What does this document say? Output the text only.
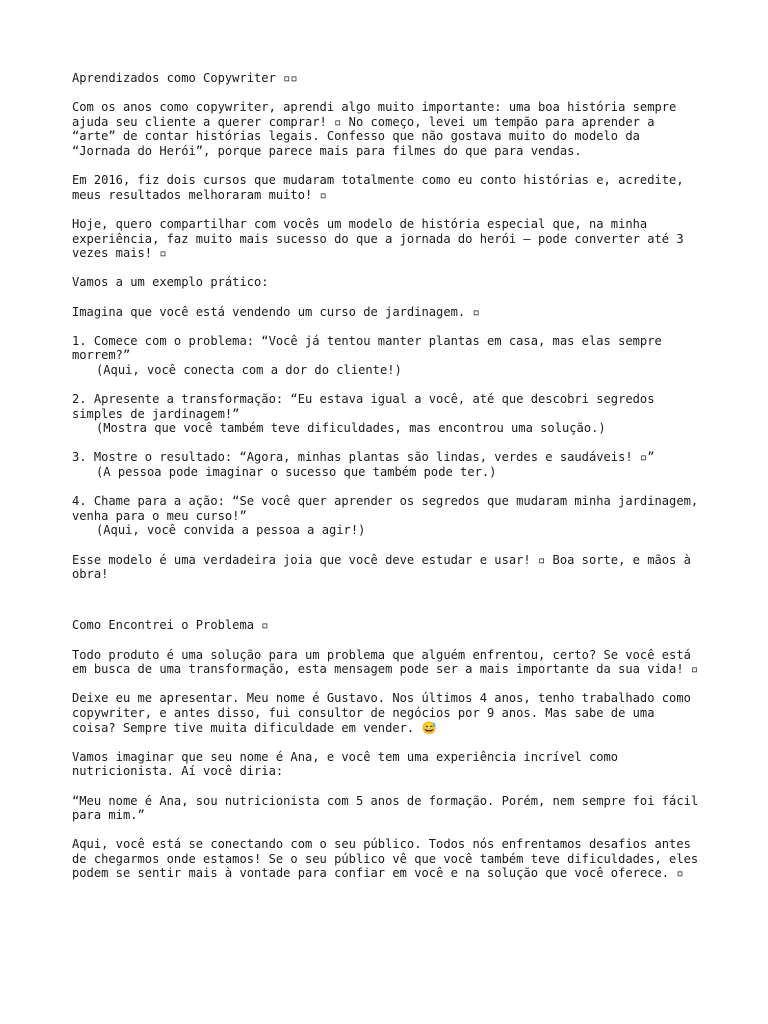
Aprendizados como Copywriter ▫▫

Com os anos como copywriter, aprendi algo muito importante: uma boa história sempre ajuda seu cliente a querer comprar! ▫ No começo, levei um tempão para aprender a “arte” de contar histórias legais. Confesso que não gostava muito do modelo da “Jornada do Herói”, porque parece mais para filmes do que para vendas.

Em 2016, fiz dois cursos que mudaram totalmente como eu conto histórias e, acredite, meus resultados melhoraram muito! ▫

Hoje, quero compartilhar com vocês um modelo de história especial que, na minha experiência, faz muito mais sucesso do que a jornada do herói – pode converter até 3 vezes mais! ▫

Vamos a um exemplo prático:

Imagina que você está vendendo um curso de jardinagem. ▫

1. Comece com o problema: “Você já tentou manter plantas em casa, mas elas sempre morrem?”
(Aqui, você conecta com a dor do cliente!)
2. Apresente a transformação: “Eu estava igual a você, até que descobri segredos simples de jardinagem!”
(Mostra que você também teve dificuldades, mas encontrou uma solução.)
3. Mostre o resultado: “Agora, minhas plantas são lindas, verdes e saudáveis! ▫”
(A pessoa pode imaginar o sucesso que também pode ter.)
4. Chame para a ação: “Se você quer aprender os segredos que mudaram minha jardinagem, venha para o meu curso!”
(Aqui, você convida a pessoa a agir!)

Esse modelo é uma verdadeira joia que você deve estudar e usar! ▫ Boa sorte, e mãos à obra!

Como Encontrei o Problema ▫

Todo produto é uma solução para um problema que alguém enfrentou, certo? Se você está em busca de uma transformação, esta mensagem pode ser a mais importante da sua vida! ▫

Deixe eu me apresentar. Meu nome é Gustavo. Nos últimos 4 anos, tenho trabalhado como copywriter, e antes disso, fui consultor de negócios por 9 anos. Mas sabe de uma coisa? Sempre tive muita dificuldade em vender. 😅

Vamos imaginar que seu nome é Ana, e você tem uma experiência incrível como nutricionista. Aí você diria:

“Meu nome é Ana, sou nutricionista com 5 anos de formação. Porém, nem sempre foi fácil para mim.”

Aqui, você está se conectando com o seu público. Todos nós enfrentamos desafios antes de chegarmos onde estamos! Se o seu público vê que você também teve dificuldades, eles podem se sentir mais à vontade para confiar em você e na solução que você oferece. ▫
